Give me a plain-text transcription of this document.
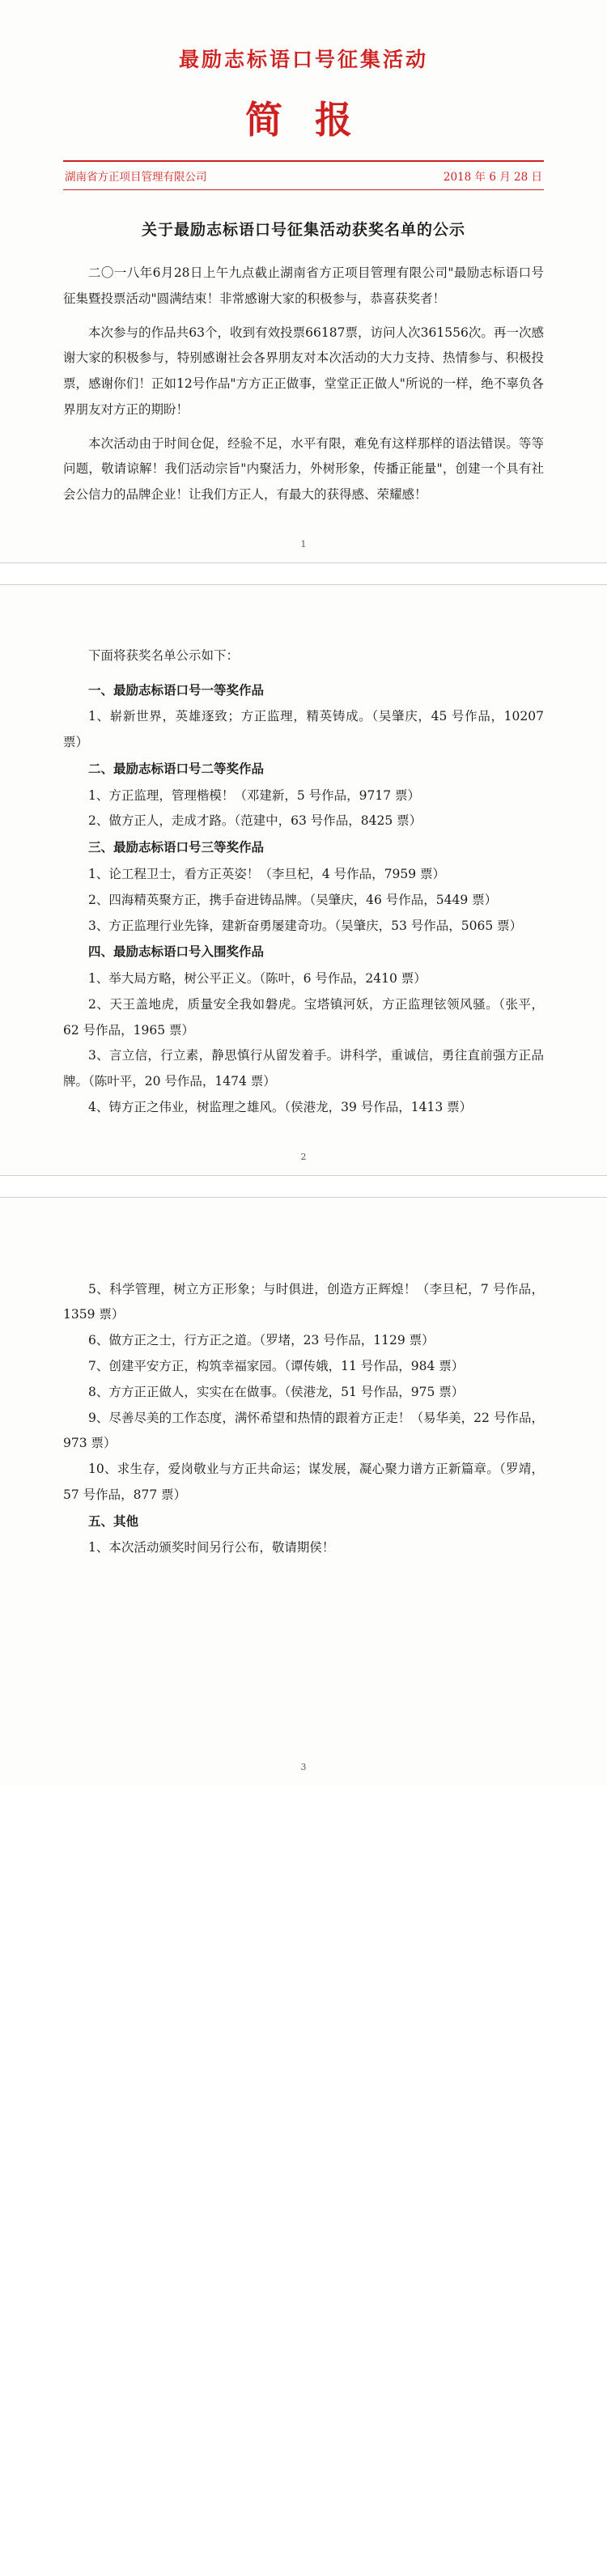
最励志标语口号征集活动
简 报
湖南省方正项目管理有限公司	2018 年 6 月 28 日
关于最励志标语口号征集活动获奖名单的公示

二〇一八年6月28日上午九点截止湖南省方正项目管理有限公司"最励志标语口号征集暨投票活动"圆满结束！非常感谢大家的积极参与，恭喜获奖者！

本次参与的作品共63个，收到有效投票66187票，访问人次361556次。再一次感谢大家的积极参与，特别感谢社会各界朋友对本次活动的大力支持、热情参与、积极投票，感谢你们！正如12号作品"方方正正做事，堂堂正正做人"所说的一样，绝不辜负各界朋友对方正的期盼！

本次活动由于时间仓促，经验不足，水平有限，难免有这样那样的语法错误。等等问题，敬请谅解！我们活动宗旨"内聚活力，外树形象，传播正能量"，创建一个具有社会公信力的品牌企业！让我们方正人，有最大的获得感、荣耀感！

1

下面将获奖名单公示如下：

一、最励志标语口号一等奖作品

1、崭新世界，英雄逐致；方正监理，精英铸成。（吴肇庆，45 号作品，10207 票）

二、最励志标语口号二等奖作品

1、方正监理，管理楷模！（邓建新，5 号作品，9717 票）

2、做方正人，走成才路。（范建中，63 号作品，8425 票）

三、最励志标语口号三等奖作品

1、论工程卫士，看方正英姿！（李旦杞，4 号作品，7959 票）

2、四海精英聚方正，携手奋进铸品牌。（吴肇庆，46 号作品，5449 票）

3、方正监理行业先锋，建新奋勇屡建奇功。（吴肇庆，53 号作品，5065 票）

四、最励志标语口号入围奖作品

1、举大局方略，树公平正义。（陈叶，6 号作品，2410 票）

2、天王盖地虎，质量安全我如磐虎。宝塔镇河妖，方正监理铉领风骚。（张平，62 号作品，1965 票）

3、言立信，行立素，静思慎行从留发着手。讲科学，重诚信，勇往直前强方正品牌。（陈叶平，20 号作品，1474 票）

4、铸方正之伟业，树监理之雄风。（侯港龙，39 号作品，1413 票）

2

5、科学管理，树立方正形象；与时俱进，创造方正辉煌！（李旦杞，7 号作品，1359 票）

6、做方正之士，行方正之道。（罗堵，23 号作品，1129 票）

7、创建平安方正，构筑幸福家园。（谭传娥，11 号作品，984 票）

8、方方正正做人，实实在在做事。（侯港龙，51 号作品，975 票）

9、尽善尽美的工作态度，满怀希望和热情的跟着方正走！（易华美，22 号作品，973 票）

10、求生存，爱岗敬业与方正共命运；谋发展，凝心聚力谱方正新篇章。（罗靖，57 号作品，877 票）

五、其他

1、本次活动颁奖时间另行公布，敬请期侯！

3
